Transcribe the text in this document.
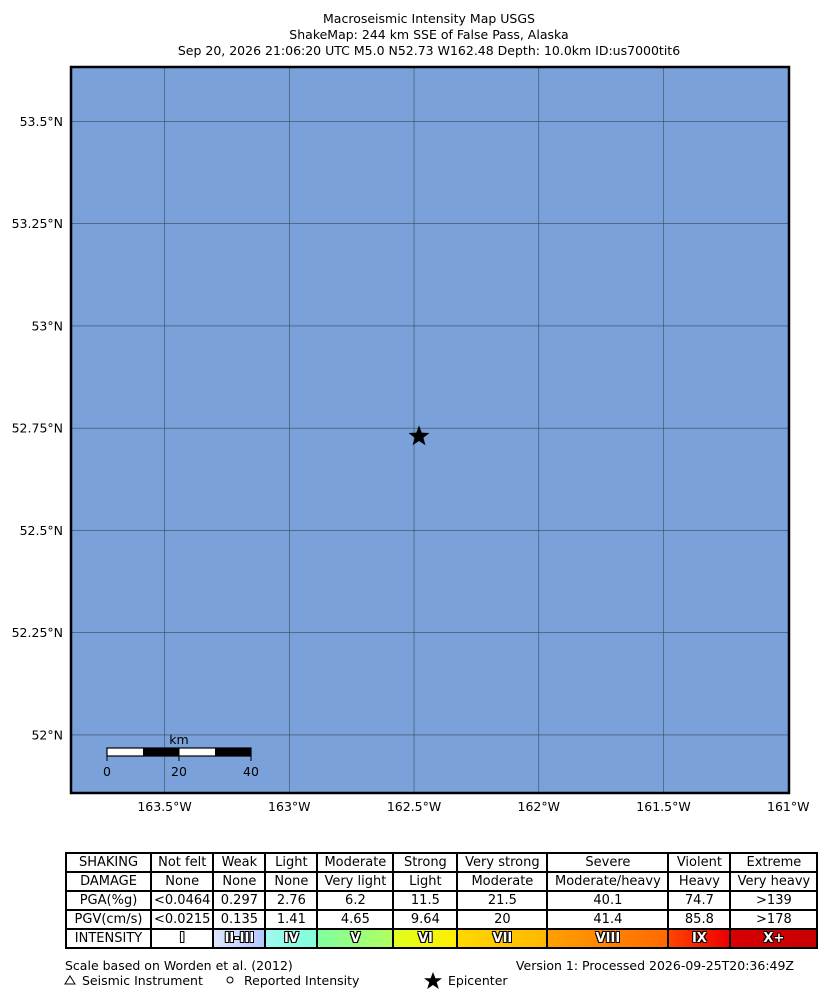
Macroseismic Intensity Map USGS
ShakeMap: 244 km SSE of False Pass, Alaska
Sep 20, 2026 21:06:20 UTC M5.0 N52.73 W162.48 Depth: 10.0km ID:us7000tit6
53.5°N
53.25°N
53°N
52.75°N
52.5°N
52.25°N
52°N
163.5°W	163°W	162.5°W	162°W	161.5°W	161°W
km
0	20	40
SHAKING	Not felt	Weak	Light	Moderate	Strong	Very strong	Severe	Violent	Extreme
DAMAGE	None	None	None	Very light	Light	Moderate	Moderate/heavy	Heavy	Very heavy
PGA(%g)	<0.0464	0.297	2.76	6.2	11.5	21.5	40.1	74.7	>139
PGV(cm/s)	<0.0215	0.135	1.41	4.65	9.64	20	41.4	85.8	>178
INTENSITY	I	II-III	IV	V	VI	VII	VIII	IX	X+
Scale based on Worden et al. (2012)	Version 1: Processed 2026-09-25T20:36:49Z
Seismic Instrument	Reported Intensity	Epicenter
